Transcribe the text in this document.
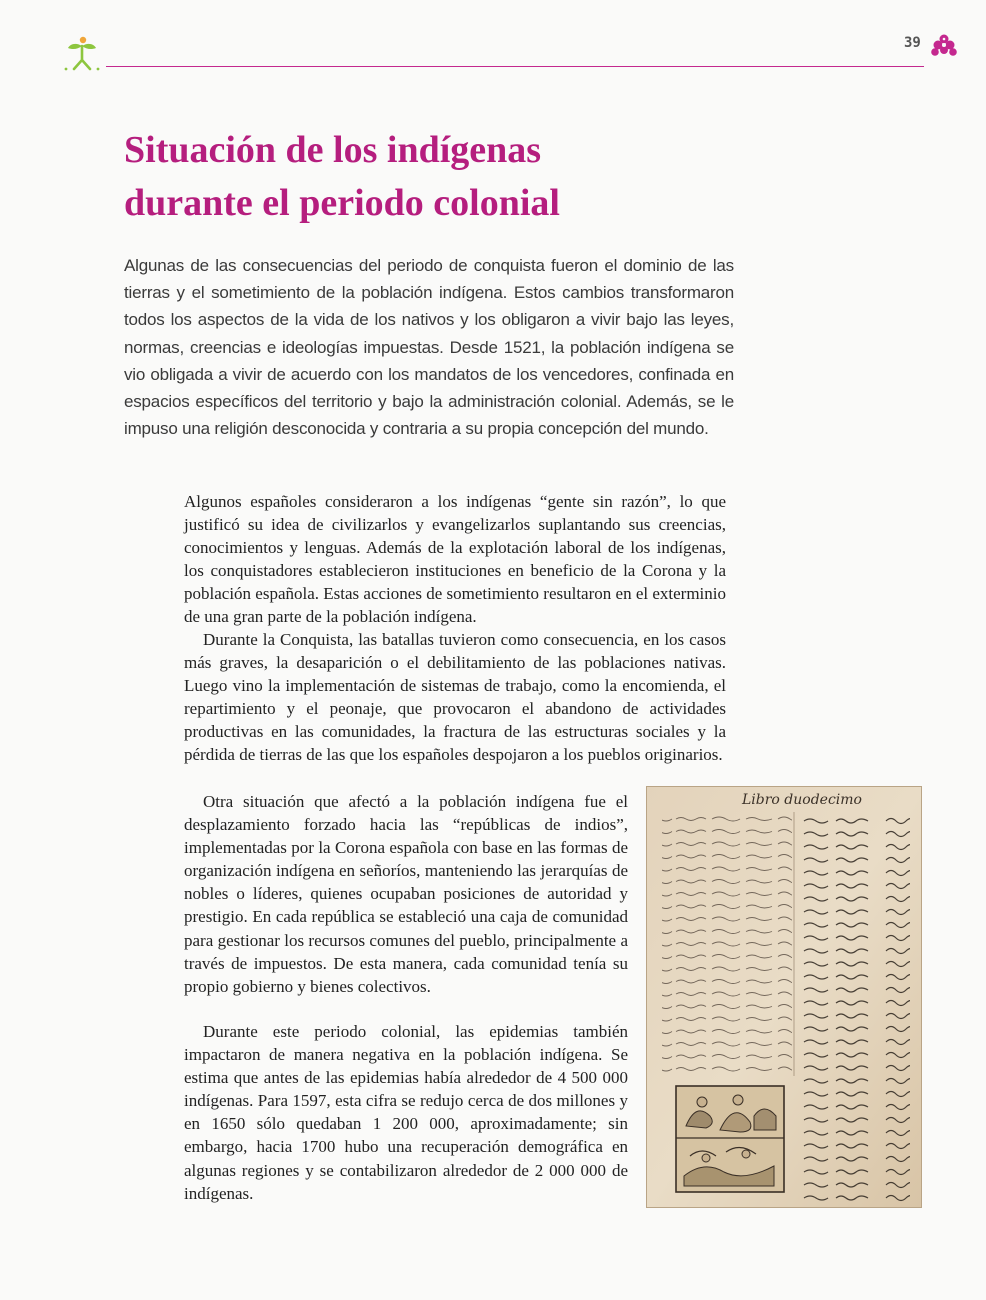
39
Situación de los indígenas
durante el periodo colonial

Algunas de las consecuencias del periodo de conquista fueron el dominio de las tierras y el sometimiento de la población indígena. Estos cambios transformaron todos los aspectos de la vida de los nativos y los obligaron a vivir bajo las leyes, normas, creencias e ideologías impuestas. Desde 1521, la población indígena se vio obligada a vivir de acuerdo con los mandatos de los vencedores, confinada en espacios específicos del territorio y bajo la administración colonial. Además, se le impuso una religión desconocida y contraria a su propia concepción del mundo.

Algunos españoles consideraron a los indígenas “gente sin razón”, lo que justificó su idea de civilizarlos y evangelizarlos suplantando sus creencias, conocimientos y lenguas. Además de la explotación laboral de los indígenas, los conquistadores establecieron instituciones en beneficio de la Corona y la población española. Estas acciones de sometimiento resultaron en el exterminio de una gran parte de la población indígena.

Durante la Conquista, las batallas tuvieron como consecuencia, en los casos más graves, la desaparición o el debilitamiento de las poblaciones nativas. Luego vino la implementación de sistemas de trabajo, como la encomienda, el repartimiento y el peonaje, que provocaron el abandono de actividades productivas en las comunidades, la fractura de las estructuras sociales y la pérdida de tierras de las que los españoles despojaron a los pueblos originarios.

Otra situación que afectó a la población indígena fue el desplazamiento forzado hacia las “repúblicas de indios”, implementadas por la Corona española con base en las formas de organización indígena en señoríos, manteniendo las jerarquías de nobles o líderes, quienes ocupaban posiciones de autoridad y prestigio. En cada república se estableció una caja de comunidad para gestionar los recursos comunes del pueblo, principalmente a través de impuestos. De esta manera, cada comunidad tenía su propio gobierno y bienes colectivos.

Durante este periodo colonial, las epidemias también impactaron de manera negativa en la población indígena. Se estima que antes de las epidemias había alrededor de 4 500 000 indígenas. Para 1597, esta cifra se redujo cerca de dos millones y en 1650 sólo quedaban 1 200 000, aproximadamente; sin embargo, hacia 1700 hubo una recuperación demográfica en algunas regiones y se contabilizaron alrededor de 2 000 000 de indígenas.

Libro duodecimo
